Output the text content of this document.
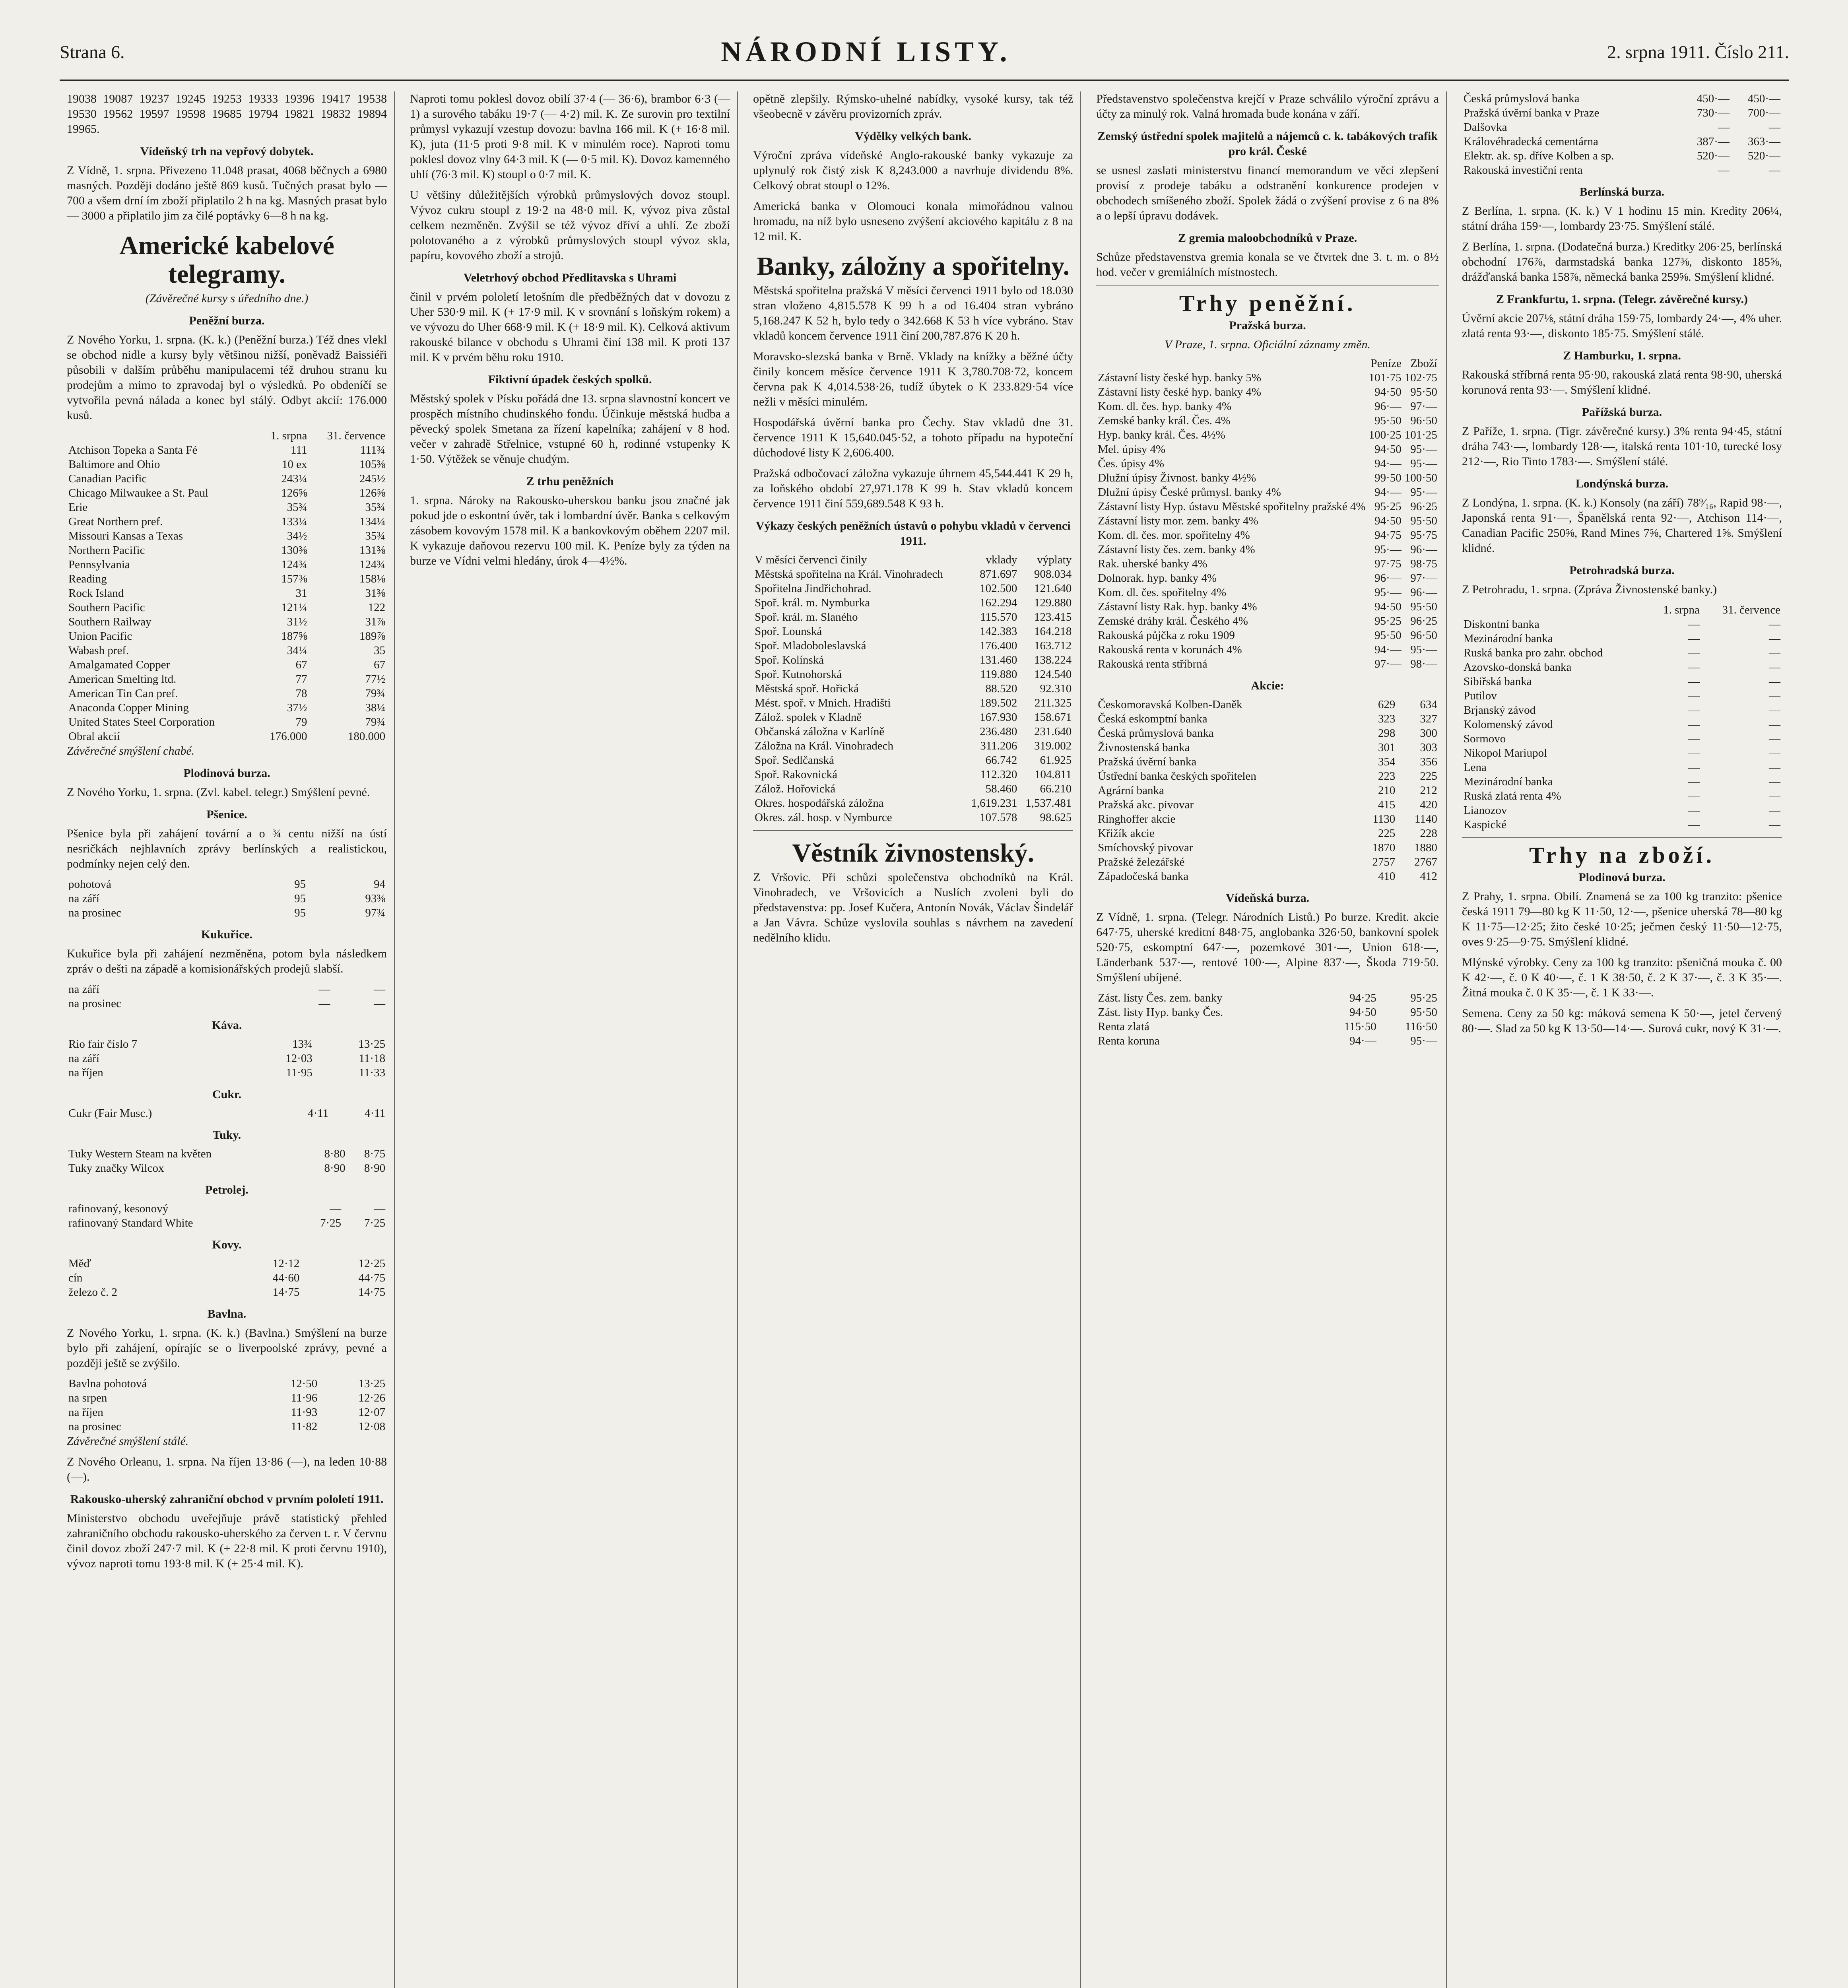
Strana 6.	NÁRODNÍ LISTY.	2. srpna 1911. Číslo 211.

19038 19087 19237 19245 19253 19333 19396 19417 19538 19530 19562 19597 19598 19685 19794 19821 19832 19894 19965.

Vídeňský trh na vepřový dobytek.

Z Vídně, 1. srpna. Přivezeno 11.048 prasat, 4068 běčnych a 6980 masných. Později dodáno ještě 869 kusů. Tučných prasat bylo — 700 a všem drní ím zboží připlatilo 2 h na kg. Masných prasat bylo — 3000 a připlatilo jim za čilé poptávky 6—8 h na kg.

Americké kabelové telegramy.
(Závěrečné kursy s úředního dne.)
Peněžní burza.

Z Nového Yorku, 1. srpna. (K. k.) (Peněžní burza.) Též dnes vlekl se obchod nidle a kursy byly většinou nižší, poněvadž Baissiéři působili v dalším průběhu manipulacemi též druhou stranu ku prodejům a mimo to zpravodaj byl o výsledků. Po obdeníčí se vytvořila pevná nálada a konec byl stálý. Odbyt akcií: 176.000 kusů.

	1. srpna	31. července
Atchison Topeka a Santa Fé	111	111¾
Baltimore and Ohio	10 ex	105⅜
Canadian Pacific	243¼	245½
Chicago Milwaukee a St. Paul	126⅝	126⅝
Erie	35¾	35¾
Great Northern pref.	133¼	134¼
Missouri Kansas a Texas	34½	35¾
Northern Pacific	130⅜	131⅜
Pennsylvania	124¾	124¾
Reading	157⅜	158⅛
Rock Island	31	31⅜
Southern Pacific	121¼	122
Southern Railway	31½	31⅞
Union Pacific	187⅝	189⅞
Wabash pref.	34¼	35
Amalgamated Copper	67	67
American Smelting ltd.	77	77½
American Tin Can pref.	78	79¾
Anaconda Copper Mining	37½	38¼
United States Steel Corporation	79	79¾
Obral akcií	176.000	180.000

Závěrečné smýšlení chabé.

Plodinová burza.

Z Nového Yorku, 1. srpna. (Zvl. kabel. telegr.) Smýšlení pevné.

Pšenice.

Pšenice byla při zahájení tovární a o ¾ centu nižší na ústí nesričkách nejhlavních zprávy berlínských a realistickou, podmínky nejen celý den.

pohotová	95	94
na září	95	93⅜
na prosinec	95	97¾
Kukuřice.

Kukuřice byla při zahájení nezměněna, potom byla následkem zpráv o dešti na západě a komisionářských prodejů slabší.

na září	—	—
na prosinec	—	—
Káva.
Rio fair číslo 7	13¾	13·25
na září	12·03	11·18
na říjen	11·95	11·33
Cukr.
Cukr (Fair Musc.)	4·11	4·11
Tuky.
Tuky Western Steam na květen	8·80	8·75
Tuky značky Wilcox	8·90	8·90
Petrolej.
rafinovaný, kesonový	—	—
rafinovaný Standard White	7·25	7·25
Kovy.
Měď	12·12	12·25
cín	44·60	44·75
železo č. 2	14·75	14·75
Bavlna.

Z Nového Yorku, 1. srpna. (K. k.) (Bavlna.) Smýšlení na burze bylo při zahájení, opírajíc se o liverpoolské zprávy, pevné a později ještě se zvýšilo.

Bavlna pohotová	12·50	13·25
na srpen	11·96	12·26
na říjen	11·93	12·07
na prosinec	11·82	12·08

Závěrečné smýšlení stálé.

Z Nového Orleanu, 1. srpna. Na říjen 13·86 (—), na leden 10·88 (—).

Rakousko-uherský zahraniční obchod v prvním pololetí 1911.

Ministerstvo obchodu uveřejňuje právě statistický přehled zahraničního obchodu rakousko-uherského za červen t. r. V červnu činil dovoz zboží 247·7 mil. K (+ 22·8 mil. K proti červnu 1910), vývoz naproti tomu 193·8 mil. K (+ 25·4 mil. K).

Naproti tomu poklesl dovoz obilí 37·4 (— 36·6), brambor 6·3 (— 1) a surového tabáku 19·7 (— 4·2) mil. K. Ze surovin pro textilní průmysl vykazují vzestup dovozu: bavlna 166 mil. K (+ 16·8 mil. K), juta (11·5 proti 9·8 mil. K v minulém roce). Naproti tomu poklesl dovoz vlny 64·3 mil. K (— 0·5 mil. K). Dovoz kamenného uhlí (76·3 mil. K) stoupl o 0·7 mil. K.

U většiny důležitějších výrobků průmyslových dovoz stoupl. Vývoz cukru stoupl z 19·2 na 48·0 mil. K, vývoz piva zůstal celkem nezměněn. Zvýšil se též vývoz dříví a uhlí. Ze zboží polotovaného a z výrobků průmyslových stoupl vývoz skla, papíru, kovového zboží a strojů.

Veletrhový obchod Předlitavska s Uhrami

činil v prvém pololetí letošním dle předběžných dat v dovozu z Uher 530·9 mil. K (+ 17·9 mil. K v srovnání s loňským rokem) a ve vývozu do Uher 668·9 mil. K (+ 18·9 mil. K). Celková aktivum rakouské bilance v obchodu s Uhrami činí 138 mil. K proti 137 mil. K v prvém běhu roku 1910.

Fiktivní úpadek českých spolků.

Městský spolek v Písku pořádá dne 13. srpna slavnostní koncert ve prospěch místního chudinského fondu. Účinkuje městská hudba a pěvecký spolek Smetana za řízení kapelníka; zahájení v 8 hod. večer v zahradě Střelnice, vstupné 60 h, rodinné vstupenky K 1·50. Výtěžek se věnuje chudým.

Z trhu peněžních

1. srpna. Nároky na Rakousko-uherskou banku jsou značné jak pokud jde o eskontní úvěr, tak i lombardní úvěr. Banka s celkovým zásobem kovovým 1578 mil. K a bankovkovým oběhem 2207 mil. K vykazuje daňovou rezervu 100 mil. K. Peníze byly za týden na burze ve Vídni velmi hledány, úrok 4—4½%.

opětně zlepšily. Rýmsko-uhelné nabídky, vysoké kursy, tak též všeobecně v závěru provizorních zpráv.

Výdělky velkých bank.

Výroční zpráva vídeňské Anglo-rakouské banky vykazuje za uplynulý rok čistý zisk K 8,243.000 a navrhuje dividendu 8%. Celkový obrat stoupl o 12%.

Americká banka v Olomouci konala mimořádnou valnou hromadu, na níž bylo usneseno zvýšení akciového kapitálu z 8 na 12 mil. K.

Banky, záložny a spořitelny.

Městská spořitelna pražská V měsíci červenci 1911 bylo od 18.030 stran vloženo 4,815.578 K 99 h a od 16.404 stran vybráno 5,168.247 K 52 h, bylo tedy o 342.668 K 53 h více vybráno. Stav vkladů koncem července 1911 činí 200,787.876 K 20 h.

Moravsko-slezská banka v Brně. Vklady na knížky a běžné účty činily koncem měsíce července 1911 K 3,780.708·72, koncem června pak K 4,014.538·26, tudíž úbytek o K 233.829·54 více nežli v měsíci minulém.

Hospodářská úvěrní banka pro Čechy. Stav vkladů dne 31. července 1911 K 15,640.045·52, a tohoto případu na hypoteční důchodové listy K 2,606.400.

Pražská odbočovací záložna vykazuje úhrnem 45,544.441 K 29 h, za loňského období 27,971.178 K 99 h. Stav vkladů koncem července 1911 činí 559,689.548 K 93 h.

Výkazy českých peněžních ústavů o pohybu vkladů v červenci 1911.
V měsíci červenci činily	vklady	výplaty
Městská spořitelna na Král. Vinohradech	871.697	908.034
Spořitelna Jindřichohrad.	102.500	121.640
Spoř. král. m. Nymburka	162.294	129.880
Spoř. král. m. Slaného	115.570	123.415
Spoř. Lounská	142.383	164.218
Spoř. Mladoboleslavská	176.400	163.712
Spoř. Kolínská	131.460	138.224
Spoř. Kutnohorská	119.880	124.540
Městská spoř. Hořická	88.520	92.310
Mést. spoř. v Mnich. Hradišti	189.502	211.325
Zálož. spolek v Kladně	167.930	158.671
Občanská záložna v Karlíně	236.480	231.640
Záložna na Král. Vinohradech	311.206	319.002
Spoř. Sedlčanská	66.742	61.925
Spoř. Rakovnická	112.320	104.811
Zálož. Hořovická	58.460	66.210
Okres. hospodářská záložna	1,619.231	1,537.481
Okres. zál. hosp. v Nymburce	107.578	98.625
Věstník živnostenský.

Z Vršovic. Při schůzi společenstva obchodníků na Král. Vinohradech, ve Vršovicích a Nuslích zvoleni byli do představenstva: pp. Josef Kučera, Antonín Novák, Václav Šindelář a Jan Vávra. Schůze vyslovila souhlas s návrhem na zavedení nedělního klidu.

Představenstvo společenstva krejčí v Praze schválilo výroční zprávu a účty za minulý rok. Valná hromada bude konána v září.

Zemský ústřední spolek majitelů a nájemců c. k. tabákových trafik pro král. České

se usnesl zaslati ministerstvu financí memorandum ve věci zlepšení provisí z prodeje tabáku a odstranění konkurence prodejen v obchodech smíšeného zboží. Spolek žádá o zvýšení provise z 6 na 8% a o lepší úpravu dodávek.

Z gremia maloobchodníků v Praze.

Schůze představenstva gremia konala se ve čtvrtek dne 3. t. m. o 8½ hod. večer v gremiálních místnostech.

Trhy peněžní.
Pražská burza.
V Praze, 1. srpna. Oficiální záznamy změn.
	Peníze	Zboží
Zástavní listy české hyp. banky 5%	101·75	102·75
Zástavní listy české hyp. banky 4%	94·50	95·50
Kom. dl. čes. hyp. banky 4%	96·—	97·—
Zemské banky král. Čes. 4%	95·50	96·50
Hyp. banky král. Čes. 4½%	100·25	101·25
Mel. úpisy 4%	94·50	95·—
Čes. úpisy 4%	94·—	95·—
Dlužní úpisy Živnost. banky 4½%	99·50	100·50
Dlužní úpisy České průmysl. banky 4%	94·—	95·—
Zástavní listy Hyp. ústavu Městské spořitelny pražské 4%	95·25	96·25
Zástavní listy mor. zem. banky 4%	94·50	95·50
Kom. dl. čes. mor. spořitelny 4%	94·75	95·75
Zástavní listy čes. zem. banky 4%	95·—	96·—
Rak. uherské banky 4%	97·75	98·75
Dolnorak. hyp. banky 4%	96·—	97·—
Kom. dl. čes. spořitelny 4%	95·—	96·—
Zástavní listy Rak. hyp. banky 4%	94·50	95·50
Zemské dráhy král. Českého 4%	95·25	96·25
Rakouská půjčka z roku 1909	95·50	96·50
Rakouská renta v korunách 4%	94·—	95·—
Rakouská renta stříbrná	97·—	98·—
Akcie:
Českomoravská Kolben-Daněk	629	634
Česká eskomptní banka	323	327
Česká průmyslová banka	298	300
Živnostenská banka	301	303
Pražská úvěrní banka	354	356
Ústřední banka českých spořitelen	223	225
Agrární banka	210	212
Pražská akc. pivovar	415	420
Ringhoffer akcie	1130	1140
Křižík akcie	225	228
Smíchovský pivovar	1870	1880
Pražské železářské	2757	2767
Západočeská banka	410	412
Vídeňská burza.

Z Vídně, 1. srpna. (Telegr. Národních Listů.) Po burze. Kredit. akcie 647·75, uherské kreditní 848·75, anglobanka 326·50, bankovní spolek 520·75, eskomptní 647·—, pozemkové 301·—, Union 618·—, Länderbank 537·—, rentové 100·—, Alpine 837·—, Škoda 719·50. Smýšlení ubíjené.

Zást. listy Čes. zem. banky	94·25	95·25
Zást. listy Hyp. banky Čes.	94·50	95·50
Renta zlatá	115·50	116·50
Renta koruna	94·—	95·—
Česká průmyslová banka	450·—	450·—
Pražská úvěrní banka v Praze	730·—	700·—
Dalšovka	—	—
Královéhradecká cementárna	387·—	363·—
Elektr. ak. sp. dříve Kolben a sp.	520·—	520·—
Rakouská investiční renta	—	—
Berlínská burza.

Z Berlína, 1. srpna. (K. k.) V 1 hodinu 15 min. Kredity 206¼, státní dráha 159·—, lombardy 23·75. Smýšlení stálé.

Z Berlína, 1. srpna. (Dodatečná burza.) Kreditky 206·25, berlínská obchodní 176⅞, darmstadská banka 127⅜, diskonto 185⅝, drážďanská banka 158⅞, německá banka 259⅝. Smýšlení klidné.

Z Frankfurtu, 1. srpna. (Telegr. závěrečné kursy.)

Úvěrní akcie 207⅛, státní dráha 159·75, lombardy 24·—, 4% uher. zlatá renta 93·—, diskonto 185·75. Smýšlení stálé.

Z Hamburku, 1. srpna.

Rakouská stříbrná renta 95·90, rakouská zlatá renta 98·90, uherská korunová renta 93·—. Smýšlení klidné.

Pařížská burza.

Z Paříže, 1. srpna. (Tigr. závěrečné kursy.) 3% renta 94·45, státní dráha 743·—, lombardy 128·—, italská renta 101·10, turecké losy 212·—, Rio Tinto 1783·—. Smýšlení stálé.

Londýnská burza.

Z Londýna, 1. srpna. (K. k.) Konsoly (na září) 78⁹⁄₁₆, Rapid 98·—, Japonská renta 91·—, Španělská renta 92·—, Atchison 114·—, Canadian Pacific 250⅝, Rand Mines 7⅝, Chartered 1⅝. Smýšlení klidné.

Petrohradská burza.

Z Petrohradu, 1. srpna. (Zpráva Živnostenské banky.)

	1. srpna	31. července
Diskontní banka	—	—
Mezinárodní banka	—	—
Ruská banka pro zahr. obchod	—	—
Azovsko-donská banka	—	—
Sibiřská banka	—	—
Putilov	—	—
Brjanský závod	—	—
Kolomenský závod	—	—
Sormovo	—	—
Nikopol Mariupol	—	—
Lena	—	—
Mezinárodní banka	—	—
Ruská zlatá renta 4%	—	—
Lianozov	—	—
Kaspické	—	—
Trhy na zboží.
Plodinová burza.

Z Prahy, 1. srpna. Obilí. Znamená se za 100 kg tranzito: pšenice česká 1911 79—80 kg K 11·50, 12·—, pšenice uherská 78—80 kg K 11·75—12·25; žito české 10·25; ječmen český 11·50—12·75, oves 9·25—9·75. Smýšlení klidné.

Mlýnské výrobky. Ceny za 100 kg tranzito: pšeničná mouka č. 00 K 42·—, č. 0 K 40·—, č. 1 K 38·50, č. 2 K 37·—, č. 3 K 35·—. Žitná mouka č. 0 K 35·—, č. 1 K 33·—.

Semena. Ceny za 50 kg: máková semena K 50·—, jetel červený 80·—. Slad za 50 kg K 13·50—14·—. Surová cukr, nový K 31·—.
